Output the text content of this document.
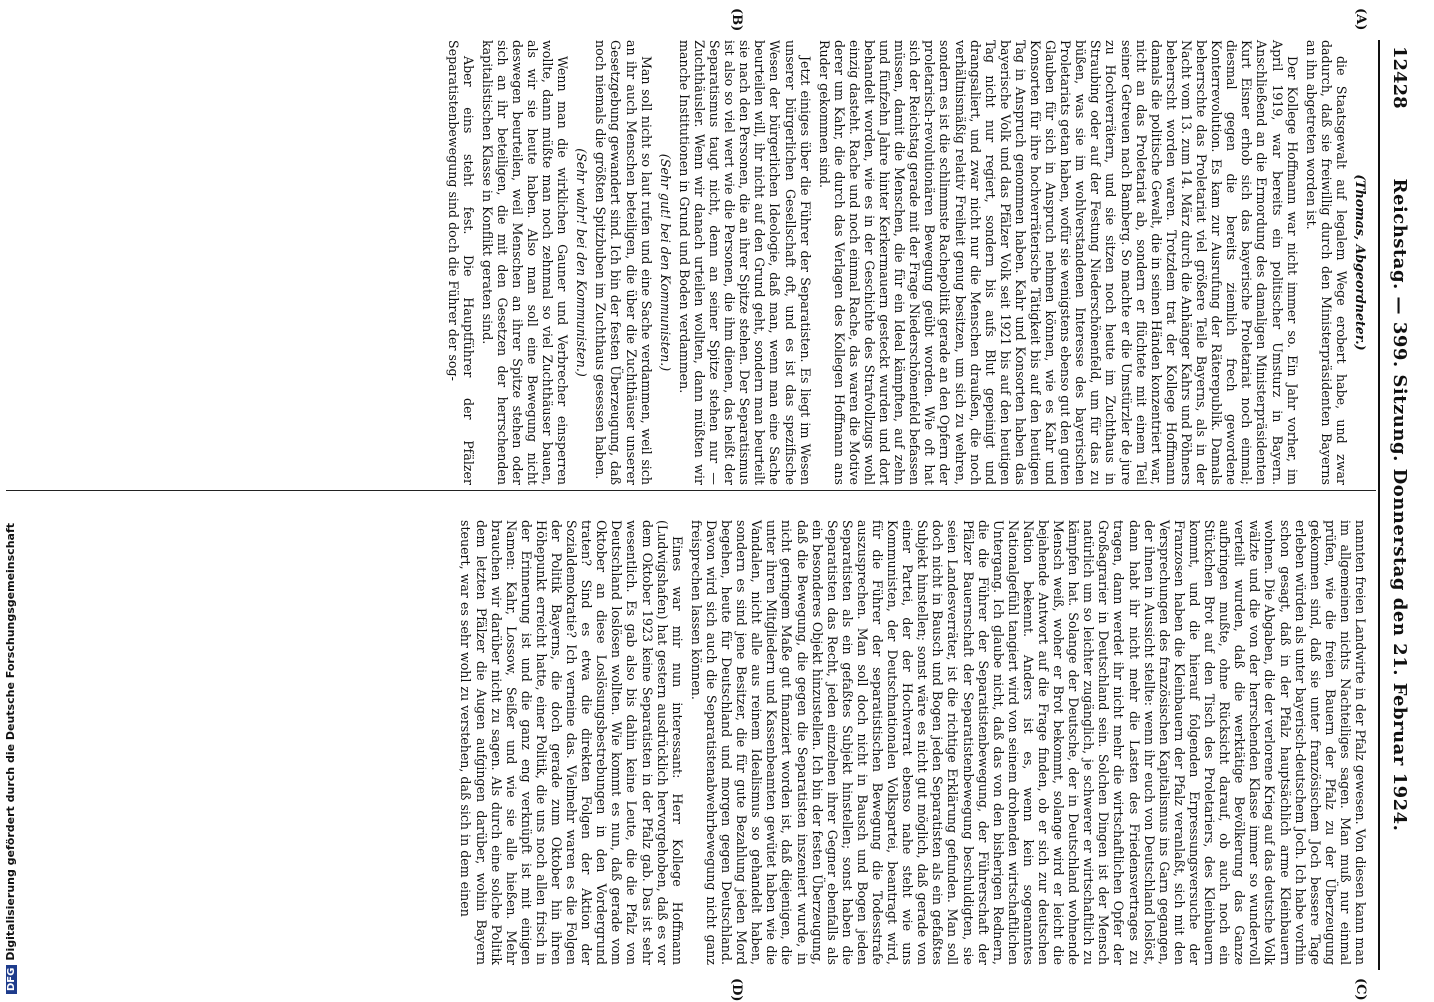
12428
Reichstag. — 399. Sitzung. Donnerstag den 21. Februar 1924.
(A)
(B)
(C)
(D)

(Thomas, Abgeordneter.)

die Staatsgewalt auf legalem Wege erobert habe, und zwar dadurch, daß sie freiwillig durch den Ministerpräsidenten Bayerns an ihn abgetreten worden ist.

Der Kollege Hoffmann war nicht immer so. Ein Jahr vorher, im April 1919, war bereits ein politischer Umsturz in Bayern. Anschließend an die Ermordung des damaligen Ministerpräsidenten Kurt Eisner erhob sich das bayerische Proletariat noch einmal; diesmal gegen die bereits ziemlich frech gewordene Konterrevolution. Es kam zur Ausrufung der Räterepublik. Damals beherrschte das Proletariat viel größere Teile Bayerns, als in der Nacht vom 13. zum 14. März durch die Anhänger Kahrs und Pöhners beherrscht worden waren. Trotzdem trat der Kollege Hoffmann damals die politische Gewalt, die in seinen Händen konzentriert war, nicht an das Proletariat ab, sondern er flüchtete mit einem Teil seiner Getreuen nach Bamberg. So machte er die Umstürzler de jure zu Hochverrätern, und sie sitzen noch heute im Zuchthaus in Straubing oder auf der Festung Niederschönenfeld, um für das zu büßen, was sie im wohlverstandenen Interesse des bayerischen Proletariats getan haben, wofür sie wenigstens ebenso gut den guten Glauben für sich in Anspruch nehmen können, wie es Kahr und Konsorten für ihre hochverräterische Tätigkeit bis auf den heutigen Tag in Anspruch genommen haben. Kahr und Konsorten haben das bayerische Volk und das Pfälzer Volk seit 1921 bis auf den heutigen Tag nicht nur regiert, sondern bis aufs Blut gepeinigt und drangsaliert, und zwar nicht nur die Menschen draußen, die noch verhältnismäßig relativ Freiheit genug besitzen, um sich zu wehren, sondern es ist die schlimmste Rachepolitik gerade an den Opfern der proletarisch-revolutionären Bewegung geübt worden. Wie oft hat sich der Reichstag gerade mit der Frage Niederschönenfeld befassen müssen, damit die Menschen, die für ein Ideal kämpften, auf zehn und fünfzehn Jahre hinter Kerkermauern gesteckt wurden und dort behandelt worden, wie es in der Geschichte des Strafvollzugs wohl einzig dasteht. Rache und noch einmal Rache, das waren die Motive derer um Kahr, die durch das Verlagen des Kollegen Hoffmann ans Ruder gekommen sind.

Jetzt einiges über die Führer der Separatisten. Es liegt im Wesen unserer bürgerlichen Gesellschaft oft, und es ist das spezifische Wesen der bürgerlichen Ideologie, daß man, wenn man eine Sache beurteilen will, ihr nicht auf den Grund geht, sondern man beurteilt sie nach den Personen, die an ihrer Spitze stehen. Der Separatismus ist also so viel wert wie die Personen, die ihm dienen, das heißt der Separatismus taugt nicht, denn an seiner Spitze stehen nur — Zuchthäusler. Wenn wir danach urteilen wollten, dann müßten wir manche Institutionen in Grund und Boden verdammen.

(Sehr gut! bei den Kommunisten.)

Man soll nicht so laut rufen und eine Sache verdammen, weil sich an ihr auch Menschen beteiligen, die über die Zuchthäuser unserer Gesetzgebung gewandert sind. Ich bin der festen Überzeugung, daß noch niemals die größten Spitzbuben im Zuchthaus gesessen haben.

(Sehr wahr! bei den Kommunisten.)

Wenn man die wirklichen Gauner und Verbrecher einsperren wollte, dann müßte man noch zehnmal so viel Zuchthäuser bauen, als wir sie heute haben. Also man soll eine Bewegung nicht deswegen beurteilen, weil Menschen an ihrer Spitze stehen oder sich an ihr beteiligen, die mit den Gesetzen der herrschenden kapitalistischen Klasse in Konflikt geraten sind.

Aber eins steht fest. Die Hauptführer der Pfälzer Separatistenbewegung sind doch die Führer der sog-

nannten freien Landwirte in der Pfalz gewesen. Von diesen kann man im allgemeinen nichts Nachteiliges sagen. Man muß nur einmal prüfen, wie die freien Bauern der Pfalz zu der Überzeugung gekommen sind, daß sie unter französischem Joch bessere Tage erleben würden als unter bayerisch-deutschem Joch. Ich habe vorhin schon gesagt, daß in der Pfalz hauptsächlich arme Kleinbauern wohnen. Die Abgaben, die der verlorene Krieg auf das deutsche Volk wälzte und die von der herrschenden Klasse immer so wundervoll verteilt wurden, daß die werktätige Bevölkerung das Ganze aufbringen mußte, ohne Rücksicht darauf, ob auch noch ein Stückchen Brot auf den Tisch des Proletariers, des Kleinbauern kommt, und die hierauf folgenden Erpressungsversuche der Franzosen haben die Kleinbauern der Pfalz veranlaßt, sich mit den Versprechungen des französischen Kapitalismus ins Garn gegangen, der ihnen in Aussicht stellte: wenn ihr euch von Deutschland loslöst, dann habt ihr nicht mehr die Lasten des Friedensvertrages zu tragen, dann werdet ihr nicht mehr die wirtschaftlichen Opfer der Großagrarier in Deutschland sein. Solchen Dingen ist der Mensch natürlich um so leichter zugänglich, je schwerer er wirtschaftlich zu kämpfen hat. Solange der Deutsche, der in Deutschland wohnende Mensch weiß, woher er Brot bekommt, solange wird er leicht die bejahende Antwort auf die Frage finden, ob er sich zur deutschen Nation bekennt. Anders ist es, wenn kein sogenanntes Nationalgefühl tangiert wird von seinem drohenden wirtschaftlichen Untergang. Ich glaube nicht, daß das von den bisherigen Rednern, die die Führer der Separatistenbewegung, der Führerschaft der Pfälzer Bauernschaft der Separatistenbewegung beschuldigten, sie seien Landesverräter, ist die richtige Erklärung gefunden. Man soll doch nicht in Bausch und Bogen jeden Separatisten als ein gefaßtes Subjekt hinstellen; sonst wäre es nicht gut möglich, daß gerade von einer Partei, der der Hochverrat ebenso nahe steht wie uns Kommunisten, der Deutschnationalen Volkspartei, beantragt wird, für die Führer der separatistischen Bewegung die Todesstrafe auszusprechen. Man soll doch nicht in Bausch und Bogen jeden Separatisten als ein gefaßtes Subjekt hinstellen; sonst haben die Separatisten das Recht, jeden einzelnen ihrer Gegner ebenfalls als ein besonderes Objekt hinzustellen. Ich bin der festen Überzeugung, daß die Bewegung, die gegen die Separatisten inszeniert wurde, in nicht geringem Maße gut finanziert worden ist, daß diejenigen, die unter ihren Mitgliedern und Kassenbeamten gewütet haben wie die Vandalen, nicht alle aus reinem Idealismus so gehandelt haben, sondern es sind jene Besitzer, die für gute Bezahlung jeden Mord begehen, heute für Deutschland und morgen gegen Deutschland. Davon wird sich auch die Separatistenabwehrbewegung nicht ganz freisprechen lassen können.

Eines war mir nun interessant: Herr Kollege Hoffmann (Ludwigshafen) hat gestern ausdrücklich hervorgehoben, daß es vor dem Oktober 1923 keine Separatisten in der Pfalz gab. Das ist sehr wesentlich. Es gab also bis dahin keine Leute, die die Pfalz von Deutschland loslösen wollten. Wie kommt es nun, daß gerade vom Oktober an diese Loslösungsbestrebungen in den Vordergrund traten? Sind es etwa die direkten Folgen der Aktion der Sozialdemokratie? Ich verneine das. Vielmehr waren es die Folgen der Politik Bayerns, die doch gerade zum Oktober hin ihren Höhepunkt erreicht hatte, einer Politik, die uns noch allen frisch in der Erinnerung ist und die ganz eng verknüpft ist mit einigen Namen: Kahr, Lossow, Seißer und wie sie alle hießen. Mehr brauchen wir darüber nicht zu sagen. Als durch eine solche Politik dem letzten Pfälzer die Augen aufgingen darüber, wohin Bayern steuert, war es sehr wohl zu verstehen, daß sich in dem einen

DFGDigitalisierung gefördert durch die Deutsche Forschungsgemeinschaft
